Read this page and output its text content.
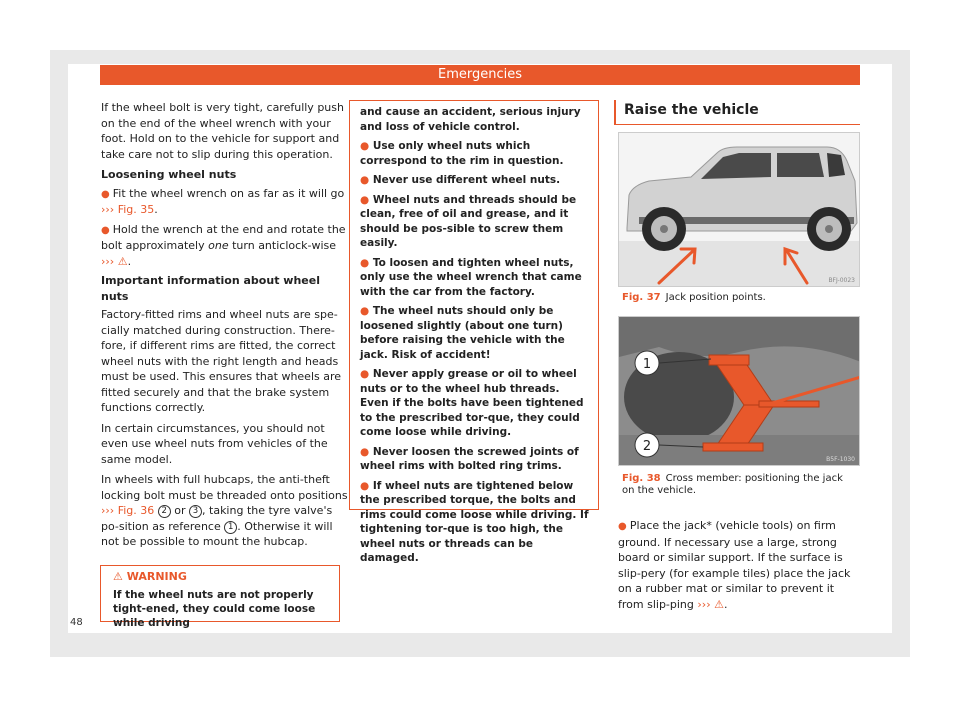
Emergencies

If the wheel bolt is very tight, carefully push on the end of the wheel wrench with your foot. Hold on to the vehicle for support and take care not to slip during this operation.

Loosening wheel nuts

● Fit the wheel wrench on as far as it will go
››› Fig. 35.

● Hold the wrench at the end and rotate the bolt approximately one turn anticlock-wise ››› ⚠.

Important information about wheel nuts

Factory-fitted rims and wheel nuts are spe-cially matched during construction. There-fore, if different rims are fitted, the correct wheel nuts with the right length and heads must be used. This ensures that wheels are fitted securely and that the brake system functions correctly.

In certain circumstances, you should not even use wheel nuts from vehicles of the same model.

In wheels with full hubcaps, the anti-theft locking bolt must be threaded onto positions ››› Fig. 36 2 or 3 , taking the tyre valve's po-sition as reference 1 . Otherwise it will not be possible to mount the hubcap.

⚠ WARNING
If the wheel nuts are not properly tight-ened, they could come loose while driving
and cause an accident, serious injury and loss of vehicle control.
● Use only wheel nuts which correspond to the rim in question.
● Never use different wheel nuts.
● Wheel nuts and threads should be clean, free of oil and grease, and it should be pos-sible to screw them easily.
● To loosen and tighten wheel nuts, only use the wheel wrench that came with the car from the factory.
● The wheel nuts should only be loosened slightly (about one turn) before raising the vehicle with the jack. Risk of accident!
● Never apply grease or oil to wheel nuts or to the wheel hub threads. Even if the bolts have been tightened to the prescribed tor-que, they could come loose while driving.
● Never loosen the screwed joints of wheel rims with bolted ring trims.
● If wheel nuts are tightened below the prescribed torque, the bolts and rims could come loose while driving. If tightening tor-que is too high, the wheel nuts or threads can be damaged.
Raise the vehicle
BFJ-0023
Fig. 37 Jack position points.
1
2
B5F-1030
Fig. 38 Cross member: positioning the jack on the vehicle.
● Place the jack* (vehicle tools) on firm ground. If necessary use a large, strong board or similar support. If the surface is slip-pery (for example tiles) place the jack on a rubber mat or similar to prevent it from slip-ping ››› ⚠.
48
